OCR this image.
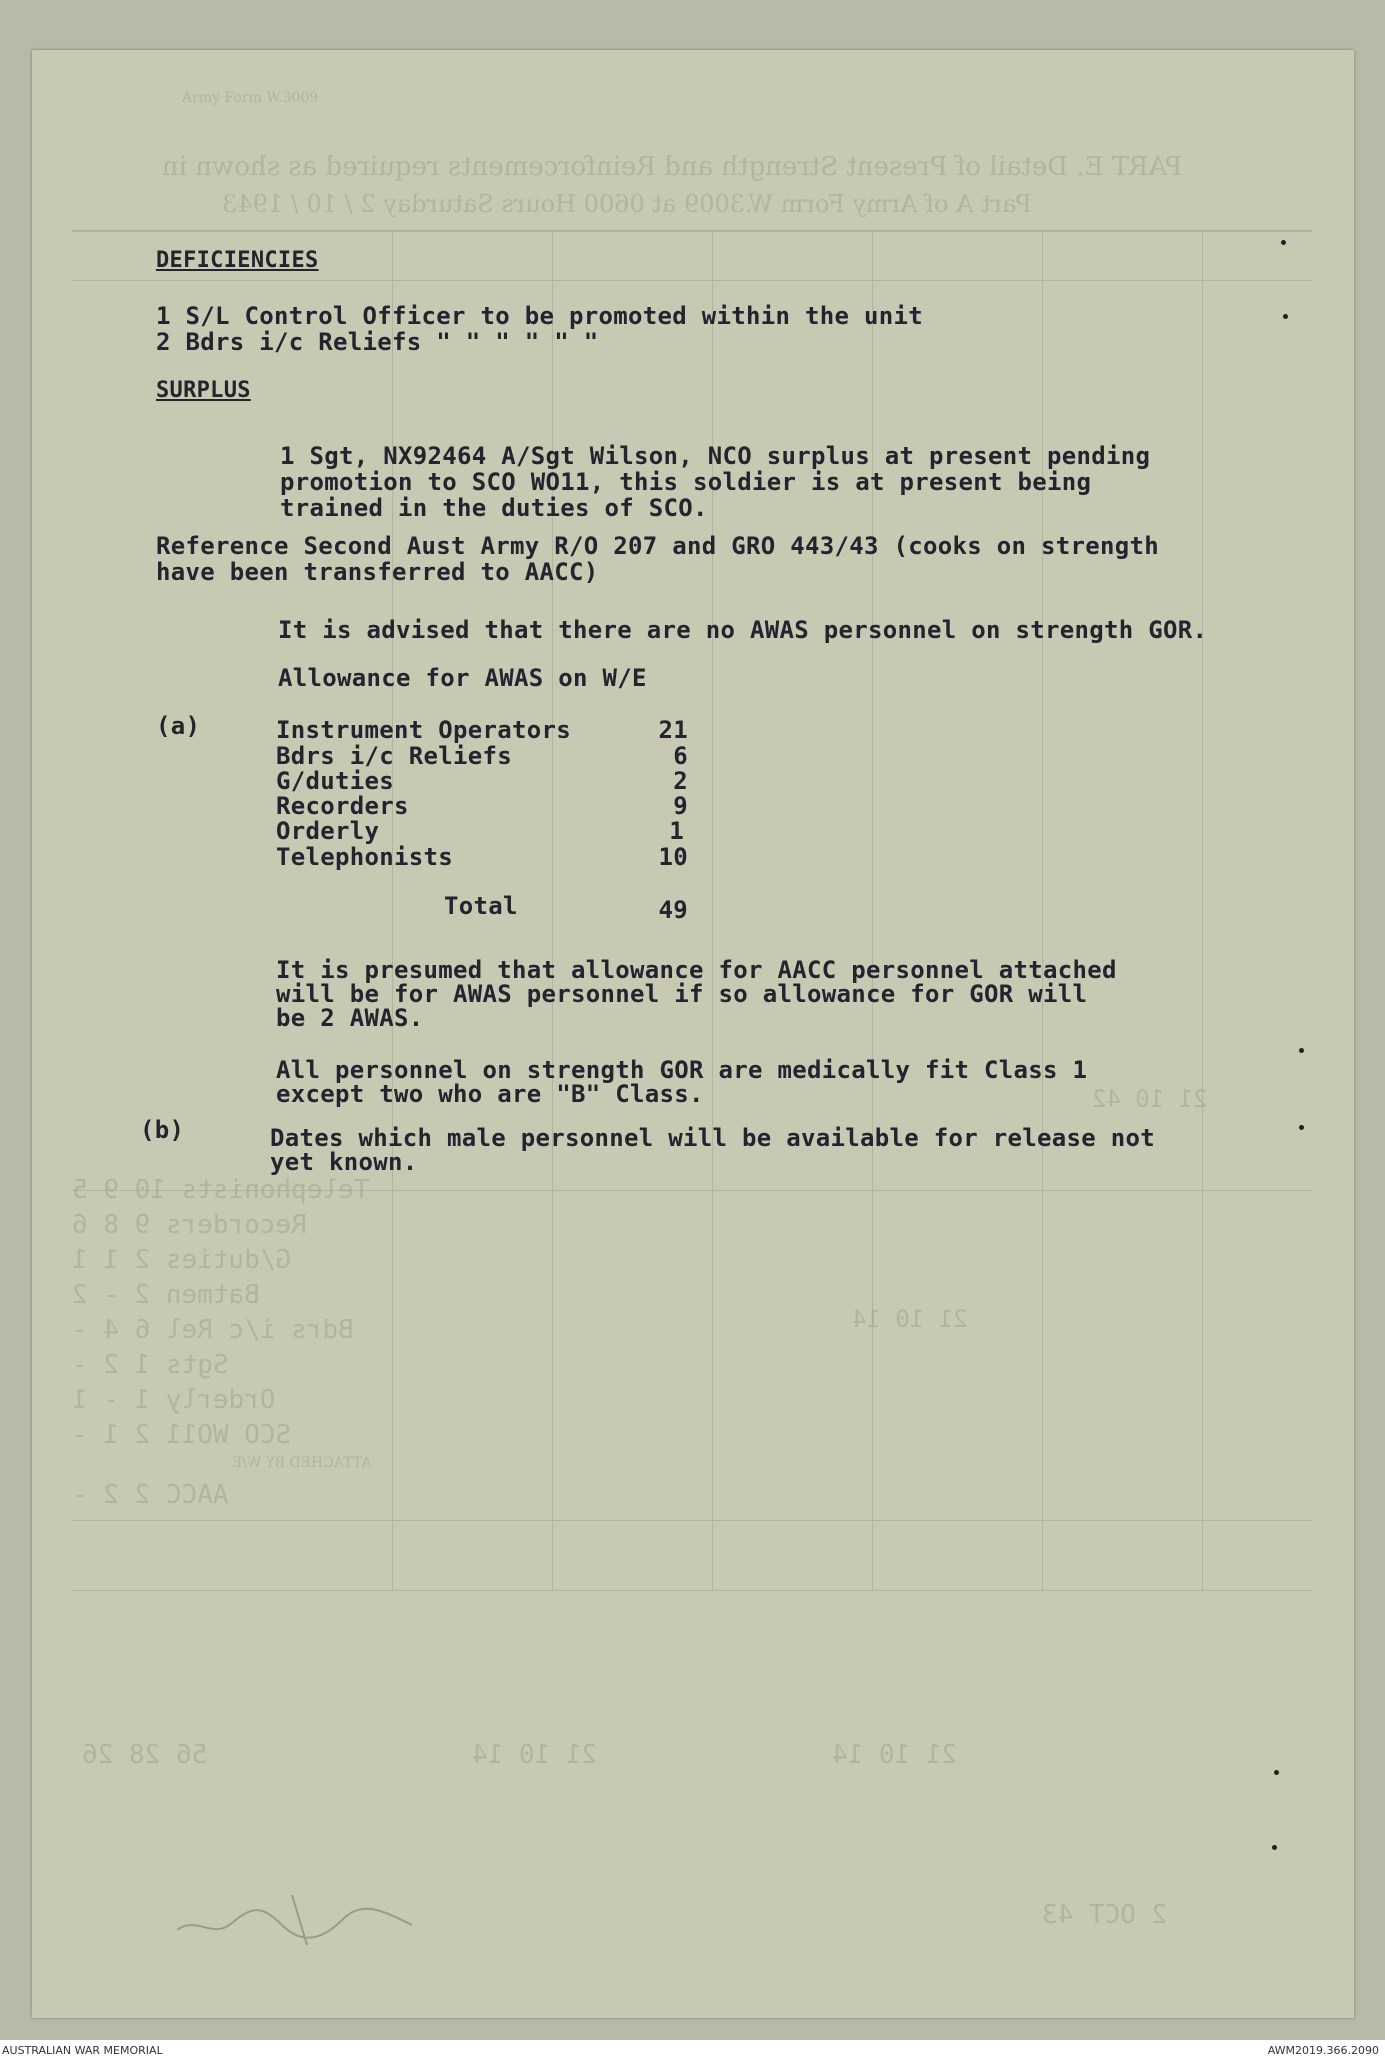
PART E. Detail of Present Strength and Reinforcements required as shown in
Part A of Army Form W.3009 at 0600 Hours Saturday 2 / 10 / 1943
Army Form W.3009
Telephonists 10 9 5
Recorders 9 8 6
G/duties 2 1 1
Batmen 2 - 2
Bdrs i/c Rel 6 4 -
Sgts 1 2 -
Orderly 1 - 1
SCO WO11 2 1 -
ATTACHED BY W/E
AACC 2 2 -
21 10 42
21 10 14
21 10 14
21 10 14
56 28 26
2 OCT 43
DEFICIENCIES
1 S/L Control Officer to be promoted within the unit
2 Bdrs i/c Reliefs " " " " " "
SURPLUS
1 Sgt, NX92464 A/Sgt Wilson, NCO surplus at present pending
promotion to SCO WO11, this soldier is at present being
trained in the duties of SCO.
Reference Second Aust Army R/O 207 and GRO 443/43 (cooks on strength
have been transferred to AACC)
It is advised that there are no AWAS personnel on strength GOR.
Allowance for AWAS on W/E
(a)	Instrument Operators	21
Bdrs i/c Reliefs	6
G/duties	2
Recorders	9
Orderly	1
Telephonists	10
Total	49
It is presumed that allowance for AACC personnel attached
will be for AWAS personnel if so allowance for GOR will
be 2 AWAS.
All personnel on strength GOR are medically fit Class 1
except two who are "B" Class.
(b)	Dates which male personnel will be available for release not
yet known.
AUSTRALIAN WAR MEMORIAL	AWM2019.366.2090
